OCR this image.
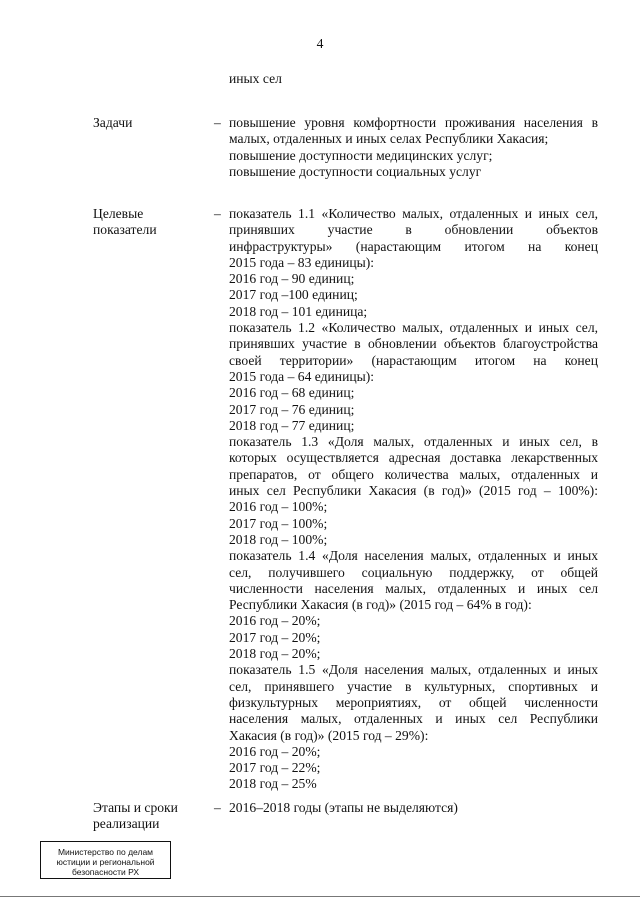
4
иных сел
Задачи	– повышение уровня комфортности проживания населения в
малых, отдаленных и иных селах Республики Хакасия;
повышение доступности медицинских услуг;
повышение доступности социальных услуг
Целевые
показатели
– показатель 1.1 «Количество малых, отдаленных и иных сел,
принявших участие в обновлении объектов
инфраструктуры» (нарастающим итогом на конец
2015 года – 83 единицы):
2016 год – 90 единиц;
2017 год –100 единиц;
2018 год – 101 единица;
показатель 1.2 «Количество малых, отдаленных и иных сел,
принявших участие в обновлении объектов благоустройства
своей территории» (нарастающим итогом на конец
2015 года – 64 единицы):
2016 год – 68 единиц;
2017 год – 76 единиц;
2018 год – 77 единиц;
показатель 1.3 «Доля малых, отдаленных и иных сел, в
которых осуществляется адресная доставка лекарственных
препаратов, от общего количества малых, отдаленных и
иных сел Республики Хакасия (в год)» (2015 год – 100%):
2016 год – 100%;
2017 год – 100%;
2018 год – 100%;
показатель 1.4 «Доля населения малых, отдаленных и иных
сел, получившего социальную поддержку, от общей
численности населения малых, отдаленных и иных сел
Республики Хакасия (в год)» (2015 год – 64% в год):
2016 год – 20%;
2017 год – 20%;
2018 год – 20%;
показатель 1.5 «Доля населения малых, отдаленных и иных
сел, принявшего участие в культурных, спортивных и
физкультурных мероприятиях, от общей численности
населения малых, отдаленных и иных сел Республики
Хакасия (в год)» (2015 год – 29%):
2016 год – 20%;
2017 год – 22%;
2018 год – 25%
Этапы и сроки
реализации
– 2016–2018 годы (этапы не выделяются)
Министерство по делам
юстиции и региональной
безопасности РХ
